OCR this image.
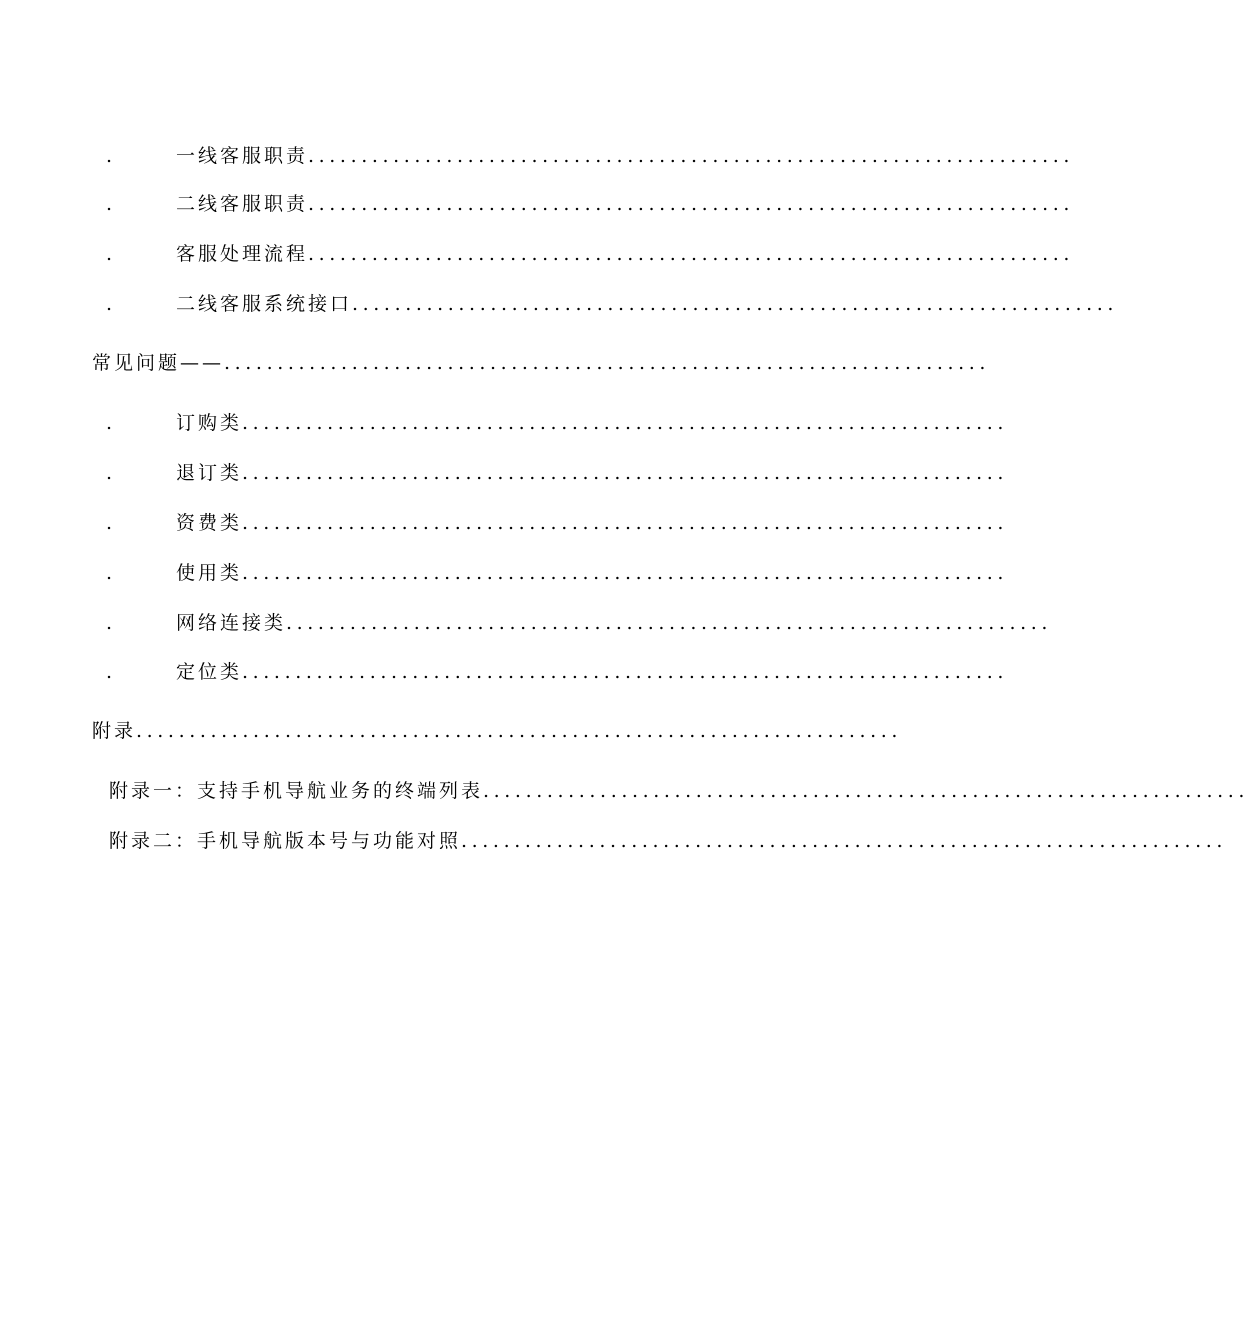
.	一线客服职责 ........................................................................
.	二线客服职责 ........................................................................
.	客服处理流程 ........................................................................
.	二线客服系统接口 ........................................................................
常见问题—— ........................................................................
.	订购类 ........................................................................
.	退订类 ........................................................................
.	资费类 ........................................................................
.	使用类 ........................................................................
.	网络连接类 ........................................................................
.	定位类 ........................................................................
附录 ........................................................................
附录一：支持手机导航业务的终端列表 ........................................................................
附录二：手机导航版本号与功能对照 ........................................................................
